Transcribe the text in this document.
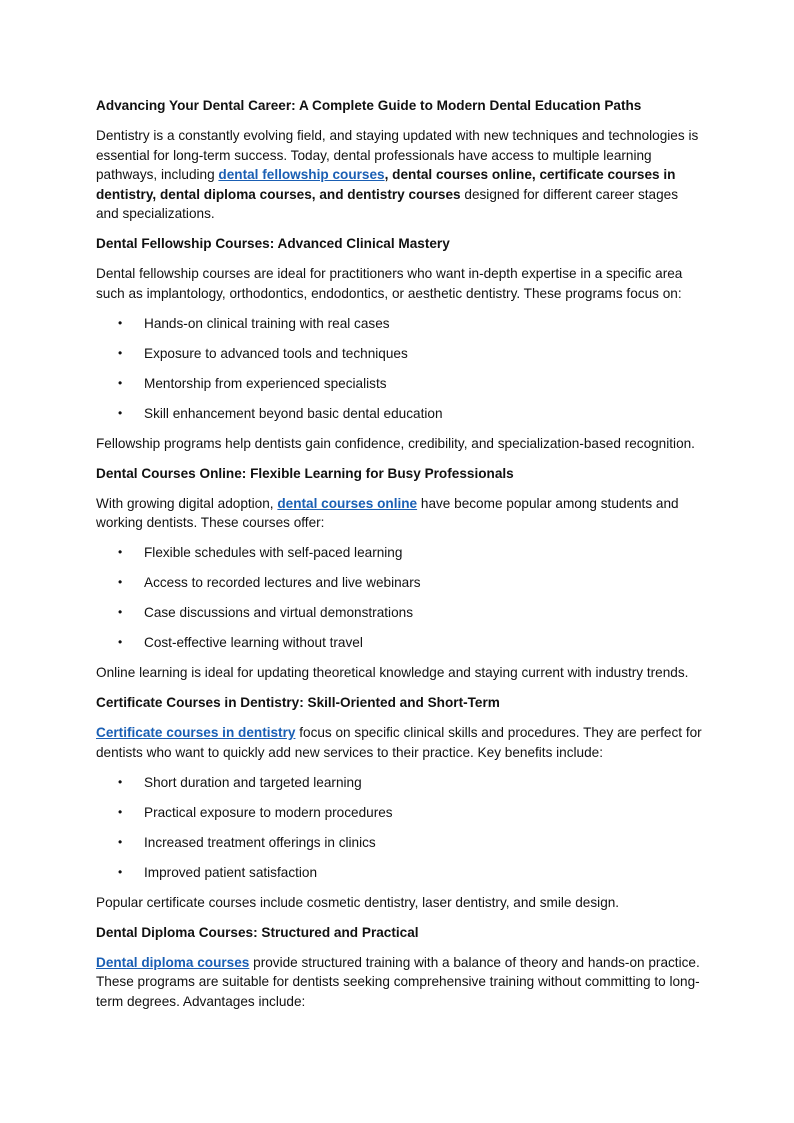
Advancing Your Dental Career: A Complete Guide to Modern Dental Education Paths

Dentistry is a constantly evolving field, and staying updated with new techniques and technologies is essential for long-term success. Today, dental professionals have access to multiple learning pathways, including dental fellowship courses, dental courses online, certificate courses in dentistry, dental diploma courses, and dentistry courses designed for different career stages and specializations.

Dental Fellowship Courses: Advanced Clinical Mastery

Dental fellowship courses are ideal for practitioners who want in-depth expertise in a specific area such as implantology, orthodontics, endodontics, or aesthetic dentistry. These programs focus on:

•	Hands-on clinical training with real cases
•	Exposure to advanced tools and techniques
•	Mentorship from experienced specialists
•	Skill enhancement beyond basic dental education

Fellowship programs help dentists gain confidence, credibility, and specialization-based recognition.

Dental Courses Online: Flexible Learning for Busy Professionals

With growing digital adoption, dental courses online have become popular among students and working dentists. These courses offer:

•	Flexible schedules with self-paced learning
•	Access to recorded lectures and live webinars
•	Case discussions and virtual demonstrations
•	Cost-effective learning without travel

Online learning is ideal for updating theoretical knowledge and staying current with industry trends.

Certificate Courses in Dentistry: Skill-Oriented and Short-Term

Certificate courses in dentistry focus on specific clinical skills and procedures. They are perfect for dentists who want to quickly add new services to their practice. Key benefits include:

•	Short duration and targeted learning
•	Practical exposure to modern procedures
•	Increased treatment offerings in clinics
•	Improved patient satisfaction

Popular certificate courses include cosmetic dentistry, laser dentistry, and smile design.

Dental Diploma Courses: Structured and Practical

Dental diploma courses provide structured training with a balance of theory and hands-on practice. These programs are suitable for dentists seeking comprehensive training without committing to long-term degrees. Advantages include:
